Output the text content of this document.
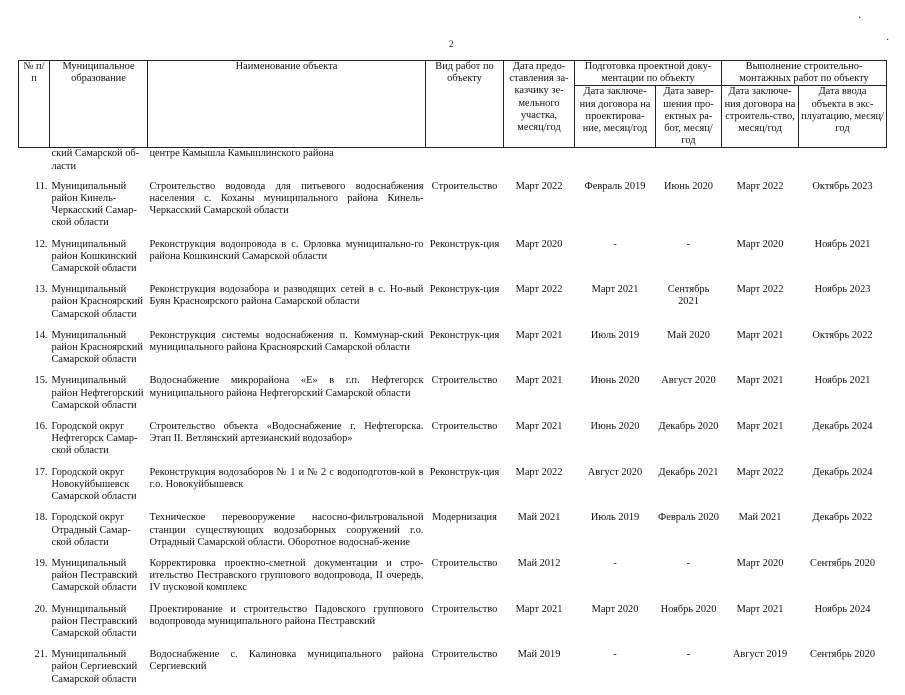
2
·
·
№ п/п	Муниципальное образование	Наименование объекта	Вид работ по объекту	Дата предо-ставления за-казчику зе-мельного участка, месяц/год	Подготовка проектной доку-ментации по объекту		Выполнение строительно-монтажных работ по объекту	
					Дата заключе-ния договора на проектирова-ние, месяц/год	Дата завер-шения про-ектных ра-бот, месяц/год	Дата заключе-ния договора на строитель-ство, месяц/год	Дата ввода объекта в экс-плуатацию, месяц/год
	ский Самарской об-ласти	центре Камышла Камышлинского района						
11.	Муниципальный район Кинель-Черкасский Самар-ской области	Строительство водовода для питьевого водоснабжения населения с. Коханы муниципального района Кинель-Черкасский Самарской области	Строительство	Март 2022	Февраль 2019	Июнь 2020	Март 2022	Октябрь 2023
12.	Муниципальный район Кошкинский Самарской области	Реконструкция водопровода в с. Орловка муниципально-го района Кошкинский Самарской области	Реконструк-ция	Март 2020	-	-	Март 2020	Ноябрь 2021
13.	Муниципальный район Красноярский Самарской области	Реконструкция водозабора и разводящих сетей в с. Но-вый Буян Красноярского района Самарской области	Реконструк-ция	Март 2022	Март 2021	Сентябрь 2021	Март 2022	Ноябрь 2023
14.	Муниципальный район Красноярский Самарской области	Реконструкция системы водоснабжения п. Коммунар-ский муниципального района Красноярский Самарской области	Реконструк-ция	Март 2021	Июль 2019	Май 2020	Март 2021	Октябрь 2022
15.	Муниципальный район Нефтегорский Самарской области	Водоснабжение микрорайона «Е» в г.п. Нефтегорск муниципального района Нефтегорский Самарской области	Строительство	Март 2021	Июнь 2020	Август 2020	Март 2021	Ноябрь 2021
16.	Городской округ Нефтегорск Самар-ской области	Строительство объекта «Водоснабжение г. Нефтегорска. Этап II. Ветлянский артезианский водозабор»	Строительство	Март 2021	Июнь 2020	Декабрь 2020	Март 2021	Декабрь 2024
17.	Городской округ Новокуйбышевск Самарской области	Реконструкция водозаборов № 1 и № 2 с водоподготов-кой в г.о. Новокуйбышевск	Реконструк-ция	Март 2022	Август 2020	Декабрь 2021	Март 2022	Декабрь 2024
18.	Городской округ Отрадный Самар-ской области	Техническое перевооружение насосно-фильтровальной станции существующих водозаборных сооружений г.о. Отрадный Самарской области. Оборотное водоснаб-жение	Модернизация	Май 2021	Июль 2019	Февраль 2020	Май 2021	Декабрь 2022
19.	Муниципальный район Пестравский Самарской области	Корректировка проектно-сметной документации и стро-ительство Пестравского группового водопровода, II очередь, IV пусковой комплекс	Строительство	Май 2012	-	-	Март 2020	Сентябрь 2020
20.	Муниципальный район Пестравский Самарской области	Проектирование и строительство Падовского группового водопровода муниципального района Пестравский	Строительство	Март 2021	Март 2020	Ноябрь 2020	Март 2021	Ноябрь 2024
21.	Муниципальный район Сергиевский Самарской области	Водоснабжение с. Калиновка муниципального района Сергиевский	Строительство	Май 2019	-	-	Август 2019	Сентябрь 2020
